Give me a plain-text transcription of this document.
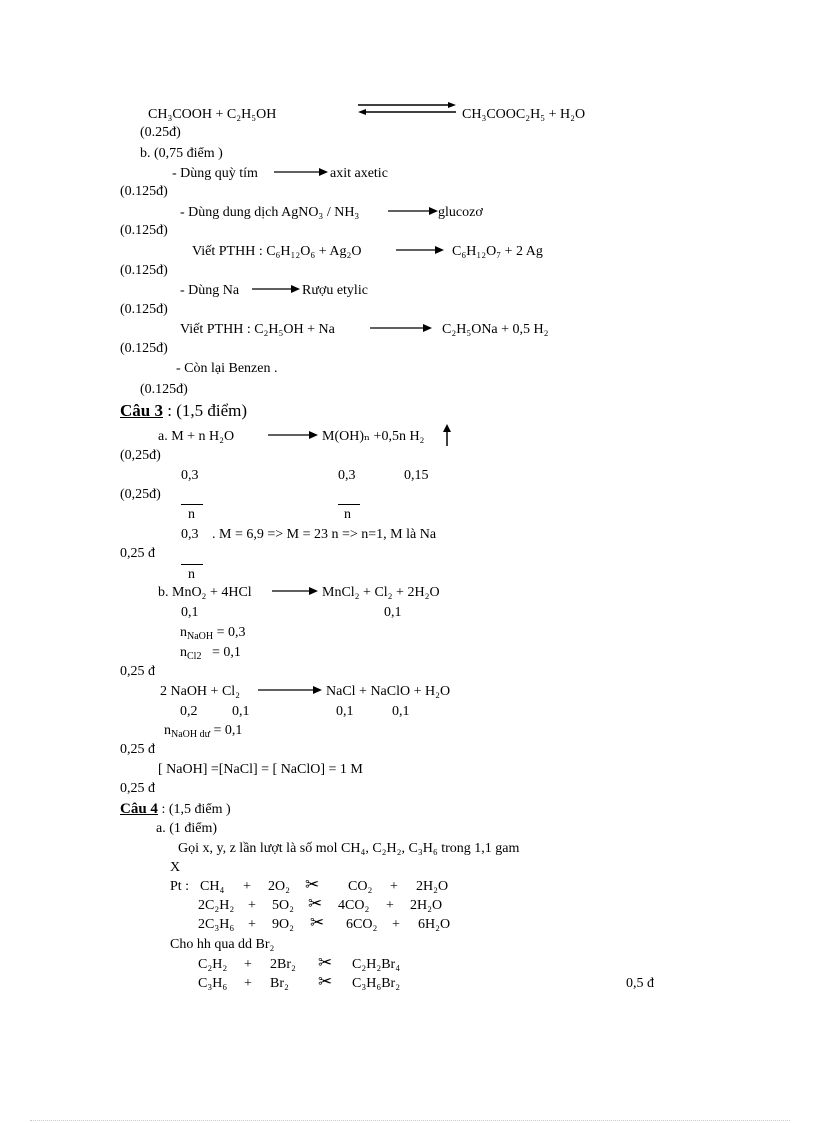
CH₃COOH + C₂H₅OH	CH₃COOC₂H₅ + H₂O
(0.25đ)
b. (0,75 điểm )
- Dùng quỳ tím	axit axetic
(0.125đ)
- Dùng dung dịch AgNO₃ / NH₃	glucozơ
(0.125đ)
Viết PTHH : C₆H₁₂O₆ + Ag₂O	C₆H₁₂O₇ + 2 Ag
(0.125đ)
- Dùng Na	Rượu etylic
(0.125đ)
Viết PTHH : C₂H₅OH + Na	C₂H₅ONa + 0,5 H₂
(0.125đ)
- Còn lại Benzen .
(0.125đ)
Câu 3 : (1,5 điểm)
a. M + n H₂O	M(OH)ₙ +0,5n H₂
(0,25đ)
0,3	0,3	0,15
(0,25đ)
n	n
0,3 . M = 6,9 => M = 23 n => n=1, M là Na
0,25 đ
n
b. MnO₂ + 4HCl	MnCl₂ + Cl₂ + 2H₂O
0,1	0,1
$n_{NaOH} = 0,3$
$n_{Cl2} = 0,1$
0,25 đ
2 NaOH + Cl₂	NaCl + NaClO + H₂O
0,2 0,1	0,1	0,1
$n_{NaOH dư} = 0,1$
0,25 đ
[ NaOH] =[NaCl] = [ NaClO] = 1 M
0,25 đ
Câu 4 : (1,5 điểm )
a. (1 điểm)
Gọi x, y, z lần lượt là số mol CH₄, C₂H₂, C₃H₆ trong 1,1 gam
X
Pt : CH₄ + 2O₂ ✂ CO₂ + 2H₂O
2C₂H₂ + 5O₂ ✂ 4CO₂ + 2H₂O
2C₃H₆ + 9O₂ ✂ 6CO₂ + 6H₂O
Cho hh qua dd Br₂
C₂H₂ + 2Br₂ ✂ C₂H₂Br₄
C₃H₆ + Br₂ ✂ C₃H₆Br₂	0,5 đ
